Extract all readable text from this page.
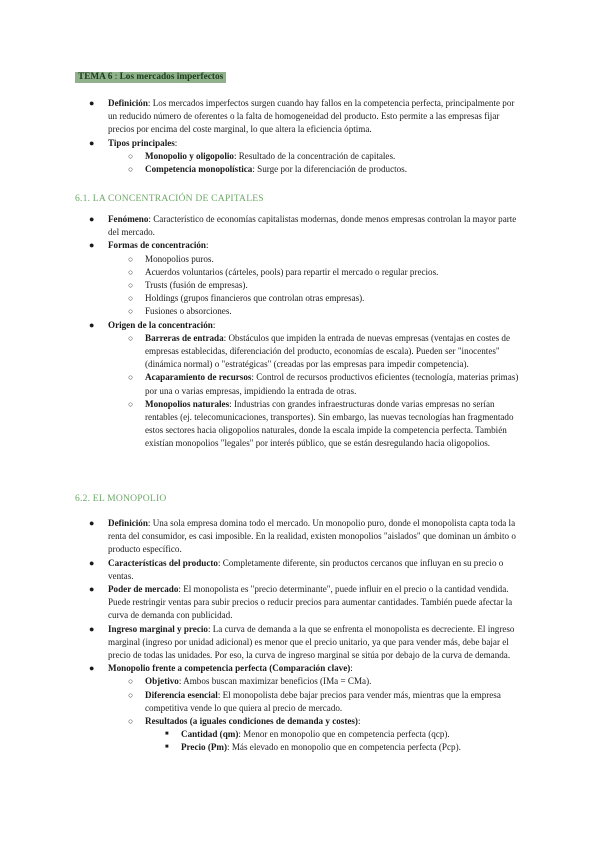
TEMA 6 : Los mercados imperfectos
● Definición: Los mercados imperfectos surgen cuando hay fallos en la competencia perfecta, principalmente por un reducido número de oferentes o la falta de homogeneidad del producto. Esto permite a las empresas fijar precios por encima del coste marginal, lo que altera la eficiencia óptima.
● Tipos principales:
○ Monopolio y oligopolio: Resultado de la concentración de capitales.
○ Competencia monopolística: Surge por la diferenciación de productos.
6.1. LA CONCENTRACIÓN DE CAPITALES
● Fenómeno: Característico de economías capitalistas modernas, donde menos empresas controlan la mayor parte del mercado.
● Formas de concentración:
○ Monopolios puros.
○ Acuerdos voluntarios (cárteles, pools) para repartir el mercado o regular precios.
○ Trusts (fusión de empresas).
○ Holdings (grupos financieros que controlan otras empresas).
○ Fusiones o absorciones.
● Origen de la concentración:
○ Barreras de entrada: Obstáculos que impiden la entrada de nuevas empresas (ventajas en costes de empresas establecidas, diferenciación del producto, economías de escala). Pueden ser "inocentes" (dinámica normal) o "estratégicas" (creadas por las empresas para impedir competencia).
○ Acaparamiento de recursos: Control de recursos productivos eficientes (tecnología, materias primas) por una o varias empresas, impidiendo la entrada de otras.
○ Monopolios naturales: Industrias con grandes infraestructuras donde varias empresas no serían rentables (ej. telecomunicaciones, transportes). Sin embargo, las nuevas tecnologías han fragmentado estos sectores hacia oligopolios naturales, donde la escala impide la competencia perfecta. También existían monopolios "legales" por interés público, que se están desregulando hacia oligopolios.
6.2. EL MONOPOLIO
● Definición: Una sola empresa domina todo el mercado. Un monopolio puro, donde el monopolista capta toda la renta del consumidor, es casi imposible. En la realidad, existen monopolios "aislados" que dominan un ámbito o producto específico.
● Características del producto: Completamente diferente, sin productos cercanos que influyan en su precio o ventas.
● Poder de mercado: El monopolista es "precio determinante", puede influir en el precio o la cantidad vendida. Puede restringir ventas para subir precios o reducir precios para aumentar cantidades. También puede afectar la curva de demanda con publicidad.
● Ingreso marginal y precio: La curva de demanda a la que se enfrenta el monopolista es decreciente. El ingreso marginal (ingreso por unidad adicional) es menor que el precio unitario, ya que para vender más, debe bajar el precio de todas las unidades. Por eso, la curva de ingreso marginal se sitúa por debajo de la curva de demanda.
● Monopolio frente a competencia perfecta (Comparación clave):
○ Objetivo: Ambos buscan maximizar beneficios (IMa = CMa).
○ Diferencia esencial: El monopolista debe bajar precios para vender más, mientras que la empresa competitiva vende lo que quiera al precio de mercado.
○ Resultados (a iguales condiciones de demanda y costes):
■ Cantidad (qm): Menor en monopolio que en competencia perfecta (qcp).
■ Precio (Pm): Más elevado en monopolio que en competencia perfecta (Pcp).
